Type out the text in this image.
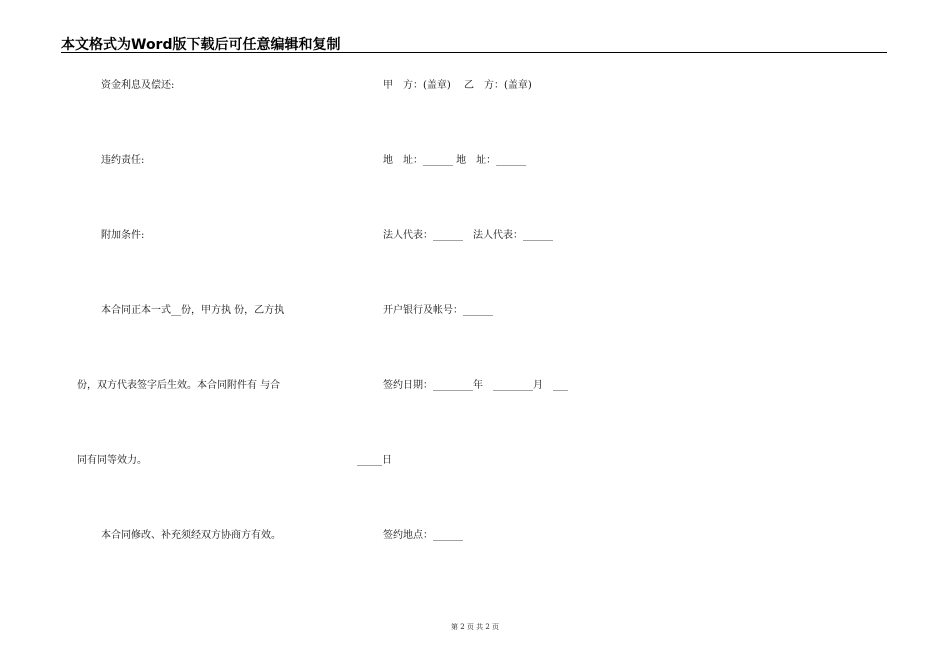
本文格式为Word版下载后可任意编辑和复制
资金利息及偿还:
违约责任:
附加条件:
本合同正本一式__份，甲方执 份，乙方执
份，双方代表签字后生效。本合同附件有 与合
同有同等效力。
本合同修改、补充须经双方协商方有效。
甲　方：(盖章)　 乙　方：(盖章)
地　址：______ 地　址：______
法人代表：______　法人代表：______
开户银行及帐号：______
签约日期：________年　________月　___
_____日
签约地点：______
第 2 页 共 2 页
